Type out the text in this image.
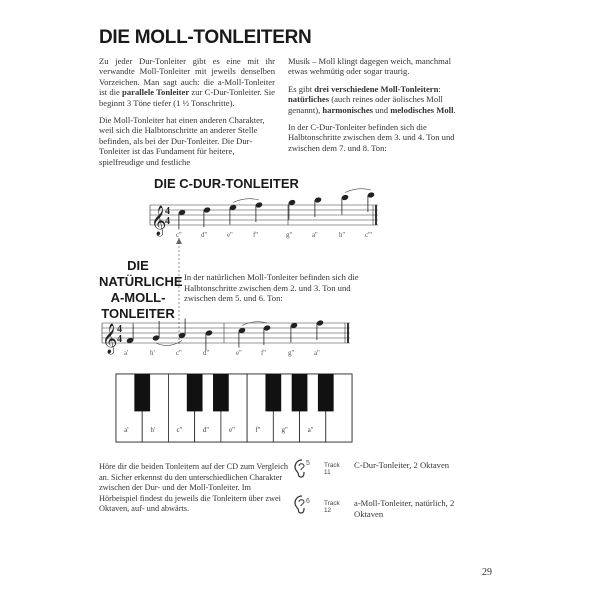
DIE MOLL-TONLEITERN

Zu jeder Dur-Tonleiter gibt es eine mit ihr verwandte Moll-Tonleiter mit jeweils denselben Vorzeichen. Man sagt auch: die a-Moll-Tonleiter ist die parallele Tonleiter zur C-Dur-Tonleiter. Sie beginnt 3 Töne tiefer (1 ½ Tonschritte).

Die Moll-Tonleiter hat einen anderen Charakter, weil sich die Halbtonschritte an anderer Stelle befinden, als bei der Dur-Tonleiter. Die Dur-Tonleiter ist das Fundament für heitere, spielfreudige und festliche

Musik – Moll klingt dagegen weich, manchmal etwas wehmütig oder sogar traurig.

Es gibt drei verschiedene Moll-Tonleitern: natürliches (auch reines oder äolisches Moll genannt), harmonisches und melodisches Moll.

In der C-Dur-Tonleiter befinden sich die Halbtonschritte zwischen dem 3. und 4. Ton und zwischen dem 7. und 8. Ton:

DIE C-DUR-TONLEITER
DIE
NATÜRLICHE
A-MOLL-
TONLEITER
In der natürlichen Moll-Tonleiter befinden sich die Halbtonschritte zwischen dem 2. und 3. Ton und zwischen dem 5. und 6. Ton:
𝄞
4
4
𝄞 4
4
c''	d''	e''	f''	g''	a''	h''	c'''
a'	h'	c''	d''	e''	f''	g''	a''
a'	h'	c''	d''	e''	f''	g''	a''
Höre dir die beiden Tonleitern auf der CD zum Vergleich an. Sicher erkennst du den unterschiedlichen Charakter zwischen der Dur- und der Moll-Tonleiter. Im Hörbeispiel findest du jeweils die Tonleitern über zwei Oktaven, auf- und abwärts.
5 Track 11
C-Dur-Tonleiter, 2 Oktaven
6 Track 12
a-Moll-Tonleiter, natürlich, 2 Oktaven
29
